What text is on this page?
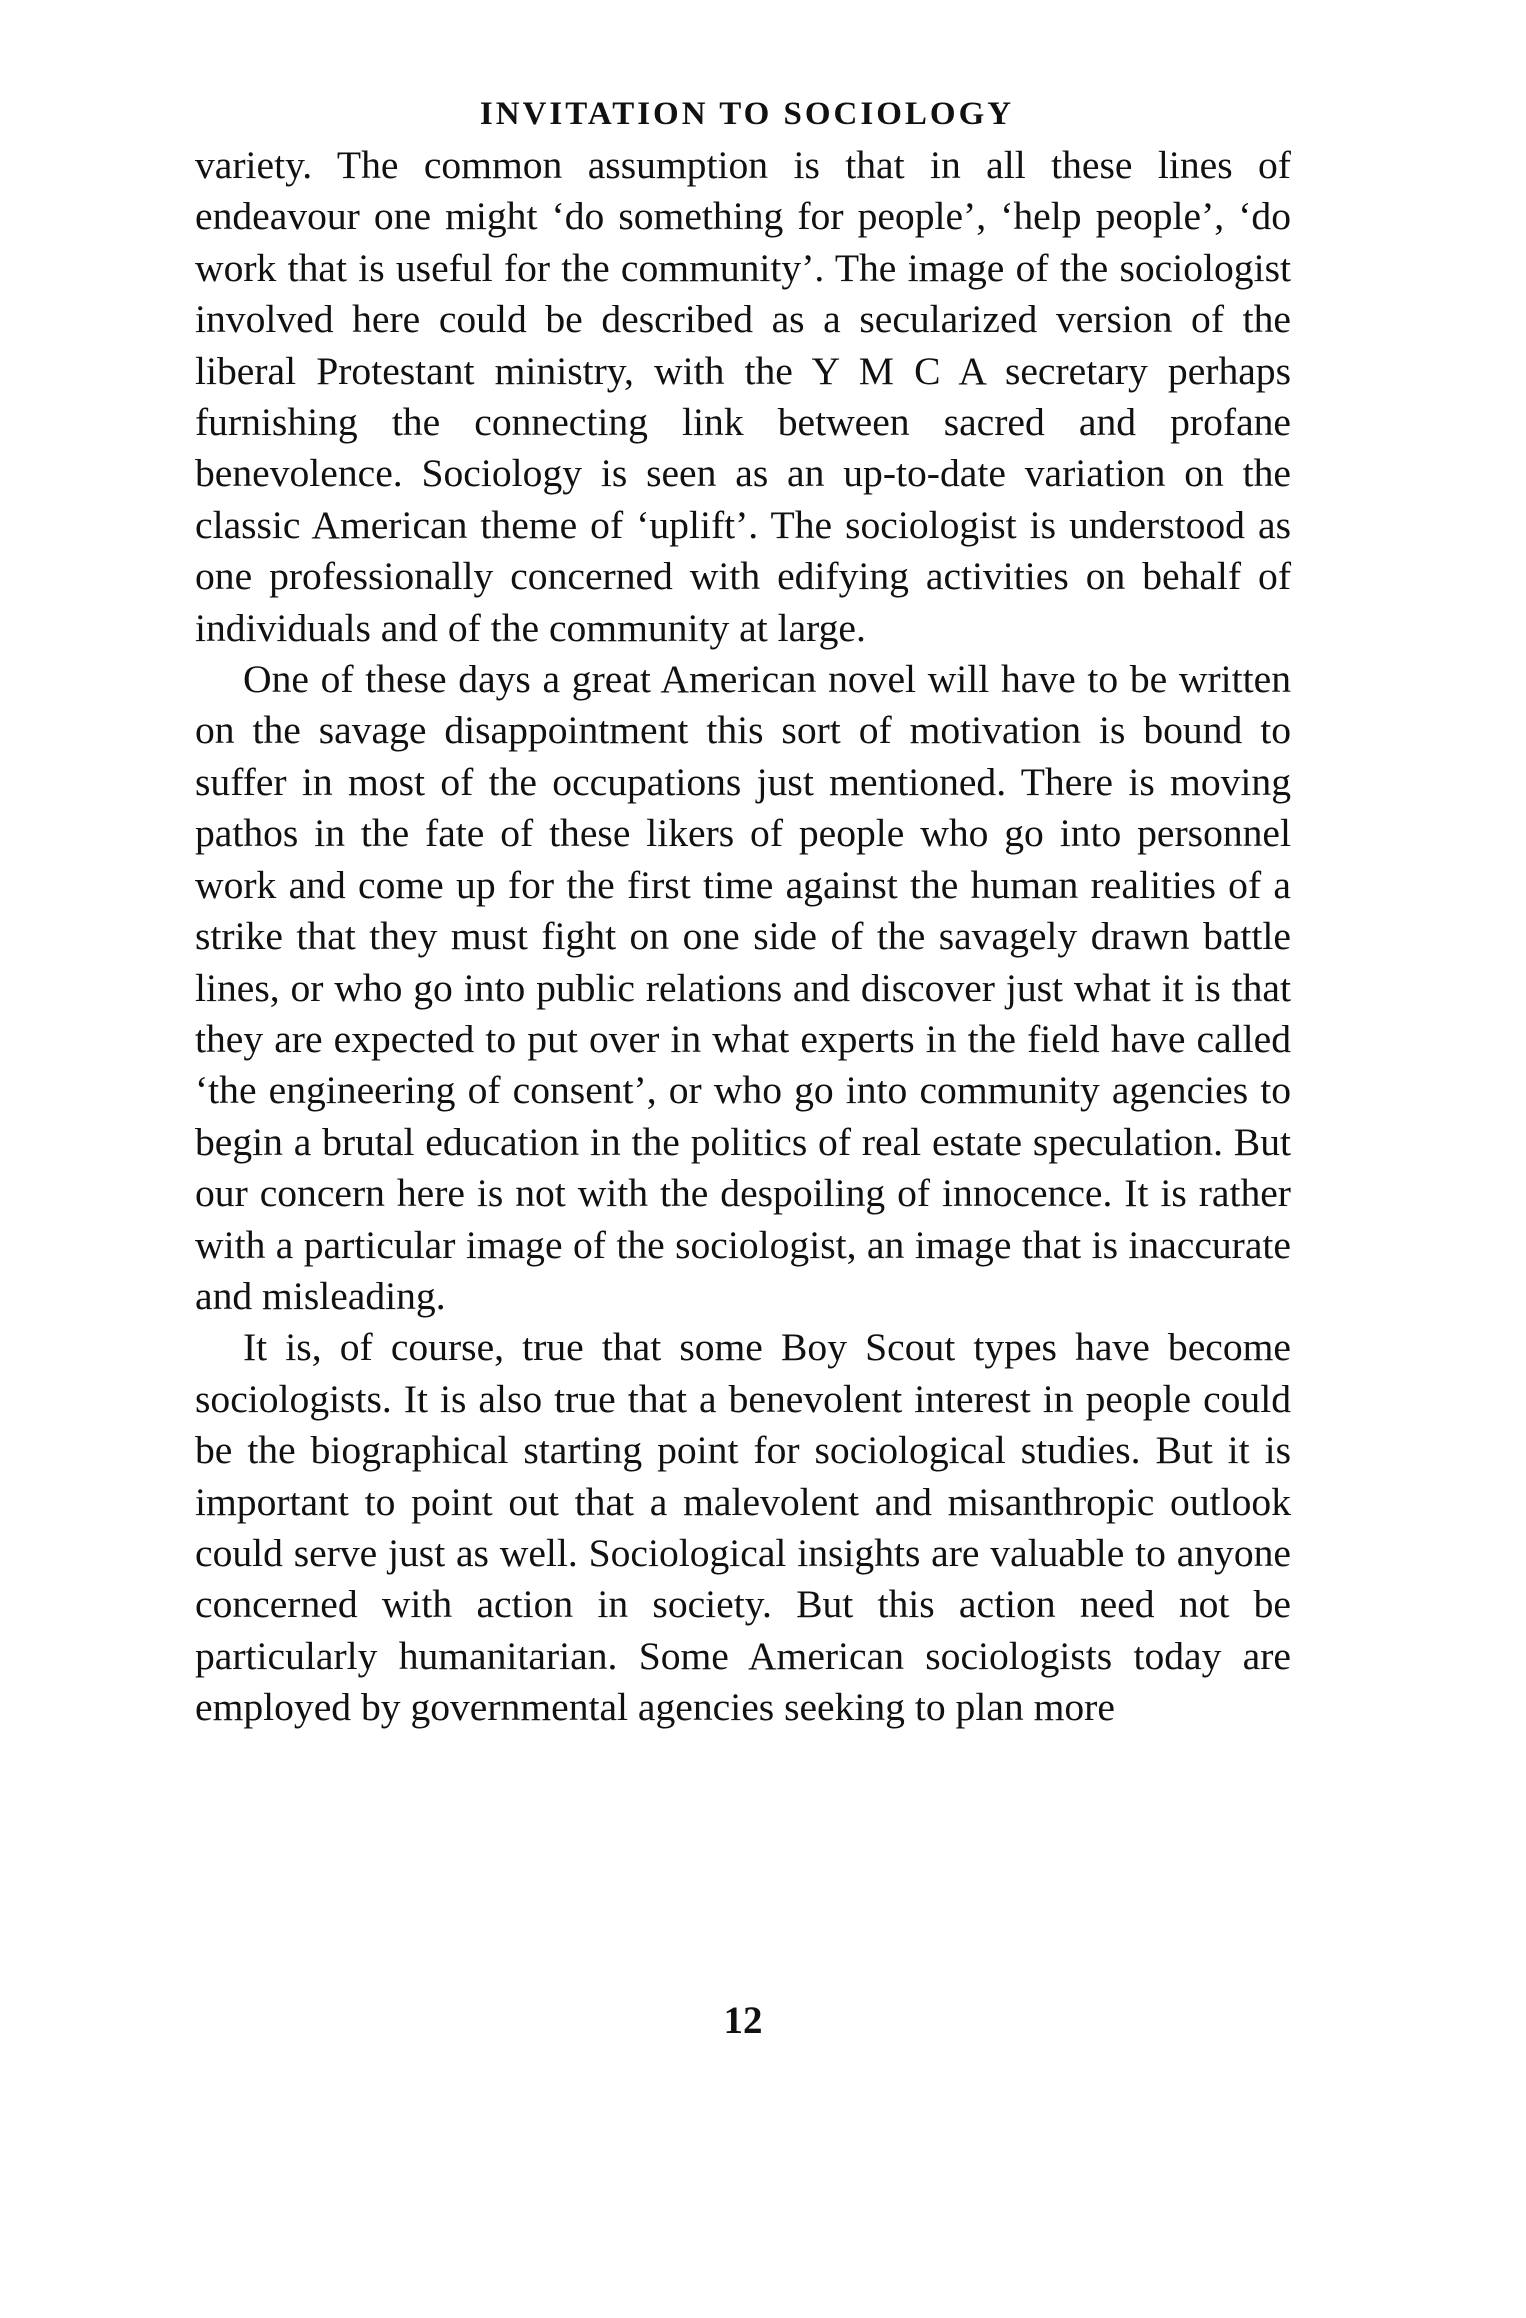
INVITATION TO SOCIOLOGY

variety. The common assumption is that in all these lines of endeavour one might ‘do something for people’, ‘help people’, ‘do work that is useful for the community’. The image of the sociologist involved here could be described as a secularized version of the liberal Protestant ministry, with the Y M C A secretary perhaps furnishing the connecting link between sacred and profane benevolence. Sociology is seen as an up-to-date variation on the classic American theme of ‘uplift’. The sociologist is understood as one professionally concerned with edifying activities on behalf of individuals and of the community at large.

One of these days a great American novel will have to be written on the savage disappointment this sort of motivation is bound to suffer in most of the occupations just mentioned. There is moving pathos in the fate of these likers of people who go into personnel work and come up for the first time against the human realities of a strike that they must fight on one side of the savagely drawn battle lines, or who go into public relations and discover just what it is that they are expected to put over in what experts in the field have called ‘the engineering of consent’, or who go into community agencies to begin a brutal education in the politics of real estate speculation. But our concern here is not with the despoiling of innocence. It is rather with a particular image of the sociologist, an image that is inaccurate and misleading.

It is, of course, true that some Boy Scout types have become sociologists. It is also true that a benevolent interest in people could be the biographical starting point for sociological studies. But it is important to point out that a malevolent and misanthropic outlook could serve just as well. Sociological insights are valuable to anyone concerned with action in society. But this action need not be particularly humanitarian. Some American sociologists today are employed by governmental agencies seeking to plan more

12
